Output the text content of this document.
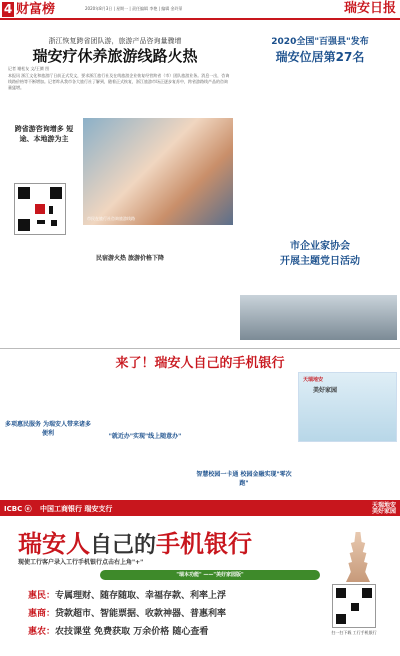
4 财富榜	2020年8月3日 | 星期一 | 责任编辑 李艳 | 编辑 金玲莱	瑞安日报
浙江恢复跨省团队游，旅游产品咨询量骤增
瑞安疗休养旅游线路火热
记者 谢松友 文/王腾 图
本报讯 浙江文化和旅游厅日前正式发文，要求浙江旅行社及在线旅游企业恢复经营跨省（市）团队旅游业务。消息一出，咨询线路价格等不断增加。记者昨从我市各大旅行社了解到，随着正式恢复，浙江旅游市场正逐步复苏中，跨省游路线产品的咨询量猛增。
市民在旅行社咨询旅游线路
跨省游咨询增多 短途、本地游为主
民宿游火热 旅游价格下降
2020全国"百强县"发布
瑞安位居第27名
市企业家协会
开展主题党日活动
来了！瑞安人自己的手机银行
多项惠民服务 为瑞安人带来诸多便利	"就近办"实现"线上随意办"
智慧校园一卡通 校园金融实现"零次跑"
天瑞地安
美好家园
ICBC ⓔ 中国工商银行 瑞安支行	天瑞地安
美好家园
瑞安人自己的手机银行
现使工行客户录入工行手机银行点击右上角"+"
"瑞本功能" ——"美好家园版"
惠民：专属理财、随存随取、幸福存款、利率上浮
惠商：贷款超市、智能票据、收款神器、普惠利率
惠农：农技课堂 免费获取 万余价格 随心查看	扫一扫下载 工行手机银行
